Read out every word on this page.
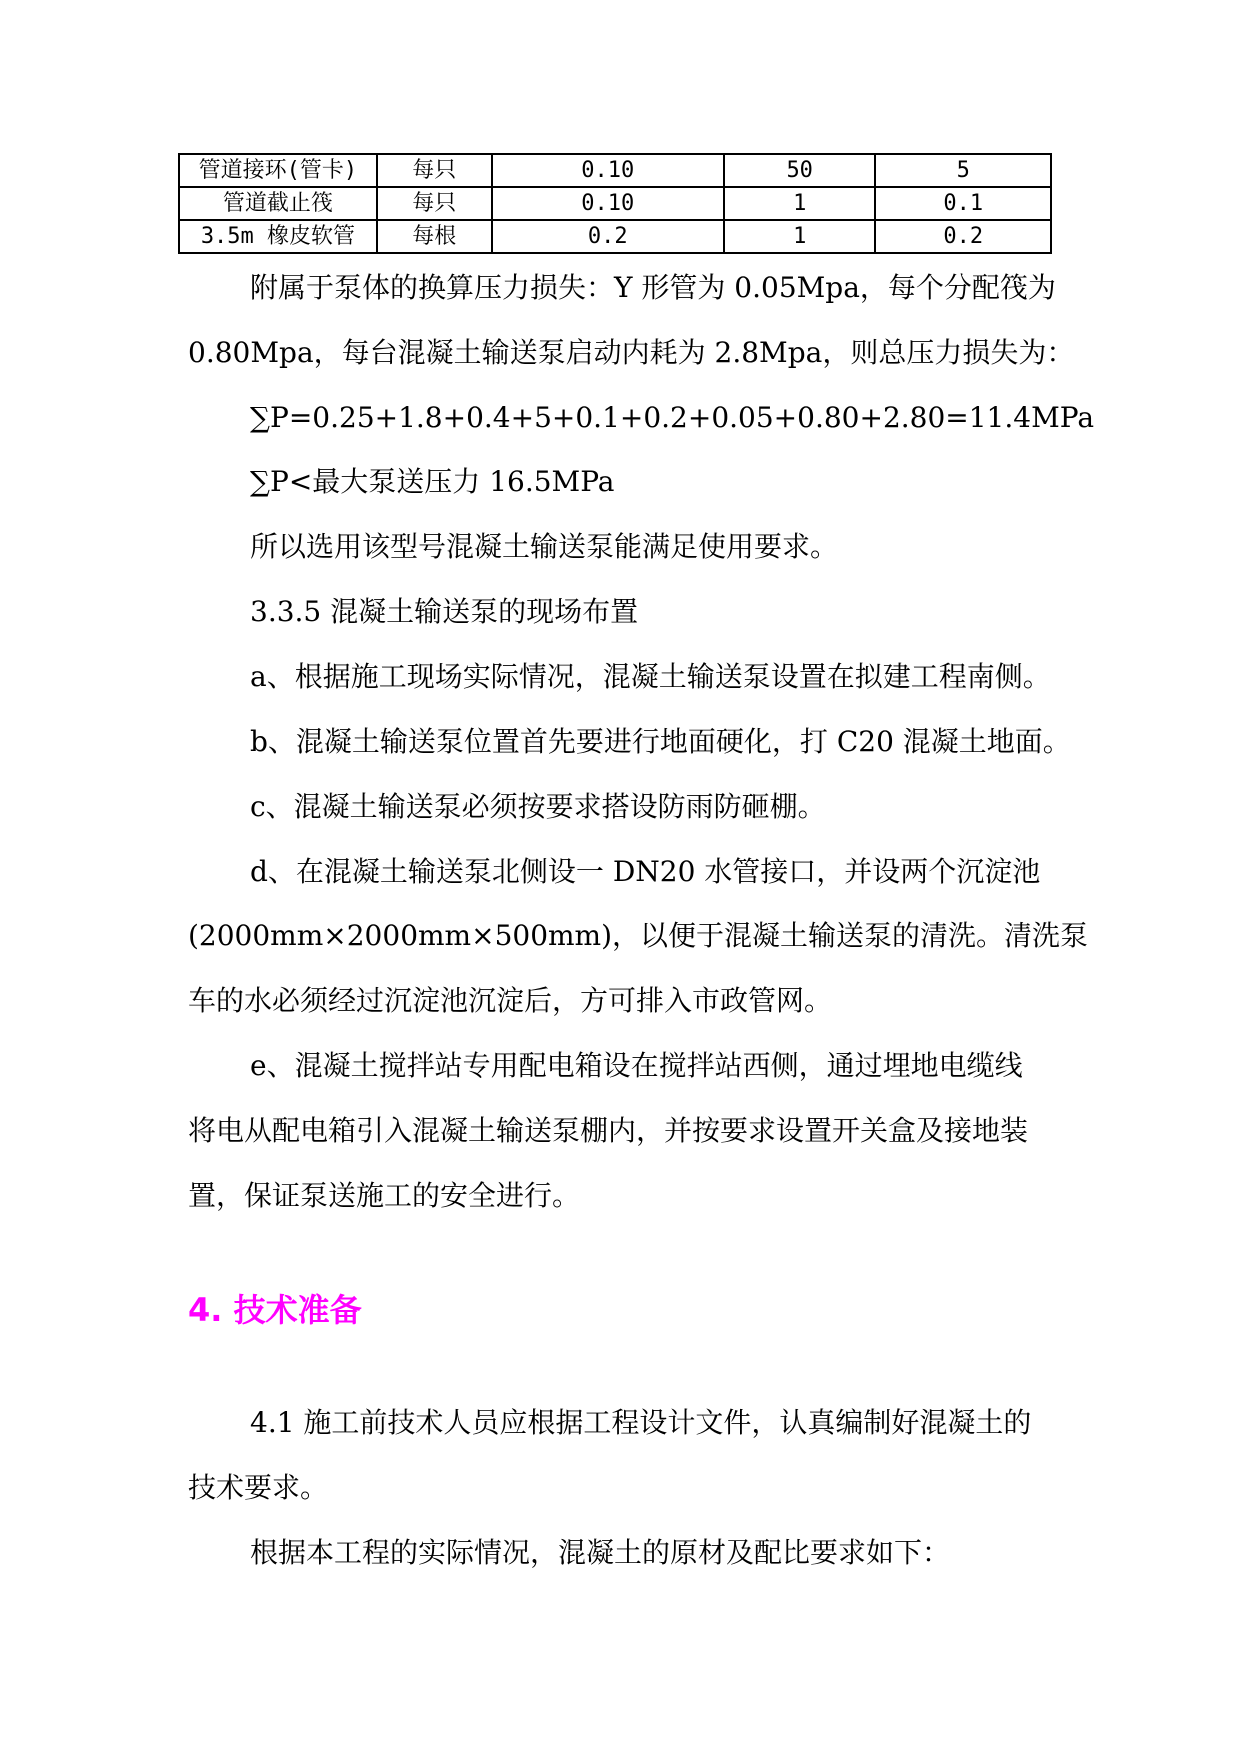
管道接环(管卡)	每只	0.10	50	5
管道截止筏	每只	0.10	1	0.1
3.5m 橡皮软管	每根	0.2	1	0.2
附属于泵体的换算压力损失：Y 形管为 0.05Mpa，每个分配筏为
0.80Mpa，每台混凝土输送泵启动内耗为 2.8Mpa，则总压力损失为：
∑P=0.25+1.8+0.4+5+0.1+0.2+0.05+0.80+2.80=11.4MPa
∑P<最大泵送压力 16.5MPa
所以选用该型号混凝土输送泵能满足使用要求。
3.3.5 混凝土输送泵的现场布置
a、根据施工现场实际情况，混凝土输送泵设置在拟建工程南侧。
b、混凝土输送泵位置首先要进行地面硬化，打 C20 混凝土地面。
c、混凝土输送泵必须按要求搭设防雨防砸棚。
d、在混凝土输送泵北侧设一 DN20 水管接口，并设两个沉淀池
(2000mm×2000mm×500mm)，以便于混凝土输送泵的清洗。清洗泵
车的水必须经过沉淀池沉淀后，方可排入市政管网。
e、混凝土搅拌站专用配电箱设在搅拌站西侧，通过埋地电缆线
将电从配电箱引入混凝土输送泵棚内，并按要求设置开关盒及接地装
置，保证泵送施工的安全进行。
4. 技术准备
4.1 施工前技术人员应根据工程设计文件，认真编制好混凝土的
技术要求。
根据本工程的实际情况，混凝土的原材及配比要求如下：
